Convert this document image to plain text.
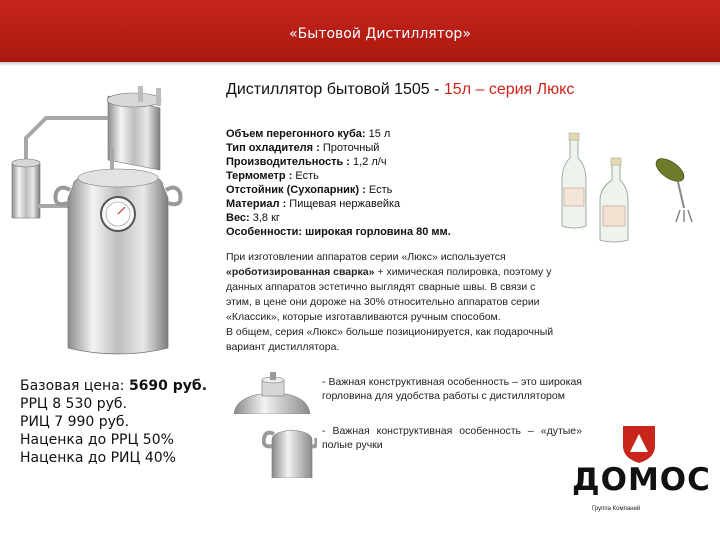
«Бытовой Дистиллятор»
Дистиллятор бытовой 1505 - 15л – серия Люкс
Объем перегонного куба: 15 л
Тип охладителя : Проточный
Производительность : 1,2 л/ч
Термометр : Есть
Отстойник (Сухопарник) : Есть
Материал : Пищевая нержавейка
Вес: 3,8 кг
Особенности: широкая горловина 80 мм.

При изготовлении аппаратов серии «Люкс» используется «роботизированная сварка» + химическая полировка, поэтому у данных аппаратов эстетично выглядят сварные швы. В связи с этим, в цене они дороже на 30% относительно аппаратов серии «Классик», которые изготавливаются ручным способом.

В общем, серия «Люкс» больше позиционируется, как подарочный вариант дистиллятора.

Базовая цена: 5690 руб.
РРЦ 8 530 руб.
РИЦ 7 990 руб.
Наценка до РРЦ 50%
Наценка до РИЦ 40%
- Важная конструктивная особенность – это широкая горловина для удобства работы с дистиллятором
- Важная конструктивная особенность – «дутые» полые ручки
ДОМОС
Группа Компаний
